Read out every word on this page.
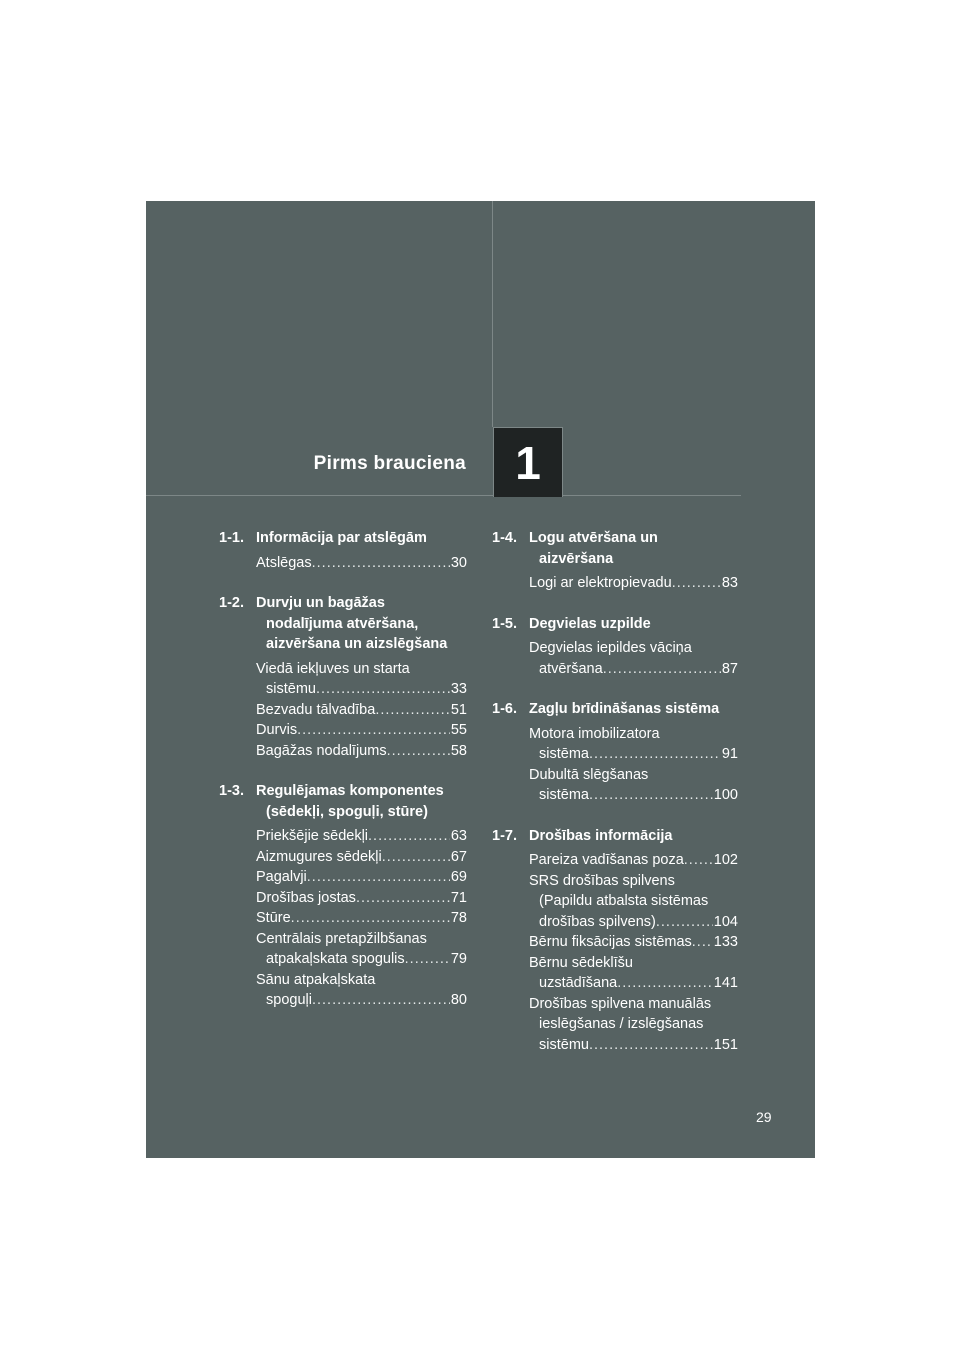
Pirms brauciena	1
1-1. Informācija par atslēgām
Atslēgas .....	30
1-2. Durvju un bagāžas
nodalījuma atvēršana,
aizvēršana un aizslēgšana
Viedā iekļuves un starta
sistēmu .....	33
Bezvadu tālvadība .....	51
Durvis .....	55
Bagāžas nodalījums .....	58
1-3. Regulējamas komponentes
(sēdekļi, spoguļi, stūre)
Priekšējie sēdekļi .....	63
Aizmugures sēdekļi .....	67
Pagalvji .....	69
Drošības jostas .....	71
Stūre .....	78
Centrālais pretapžilbšanas
atpakaļskata spogulis .....	79
Sānu atpakaļskata
spoguļi .....	80
1-4. Logu atvēršana un
aizvēršana
Logi ar elektropievadu .....	83
1-5. Degvielas uzpilde
Degvielas iepildes vāciņa
atvēršana .....	87
1-6. Zagļu brīdināšanas sistēma
Motora imobilizatora
sistēma .....	91
Dubultā slēgšanas
sistēma .....	100
1-7. Drošības informācija
Pareiza vadīšanas poza ..... 102
SRS drošības spilvens
(Papildu atbalsta sistēmas
drošības spilvens) .....	104
Bērnu fiksācijas sistēmas ..... 133
Bērnu sēdeklīšu
uzstādīšana .....	141
Drošības spilvena manuālās
ieslēgšanas / izslēgšanas
sistēmu .....	151
29
